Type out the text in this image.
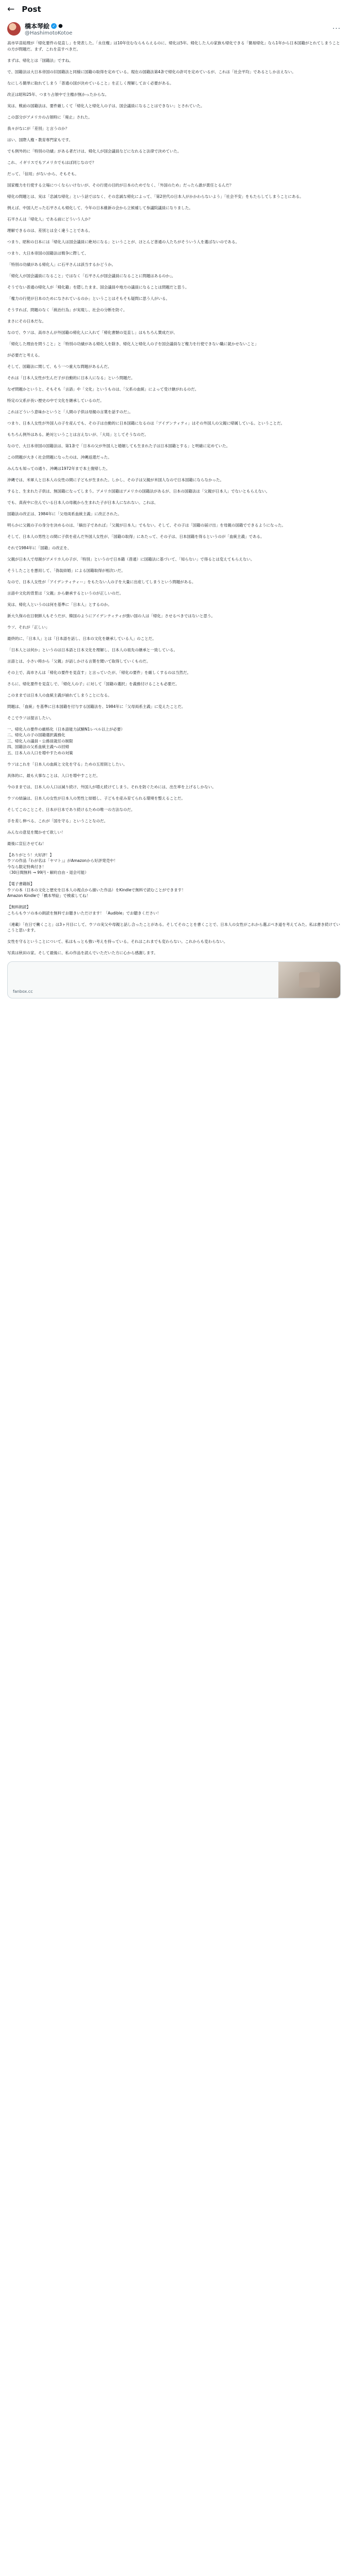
← Post
橋本琴絵 ✓ ●
@HashimotoKotoe
···

高市早苗総理が「帰化要件の見直し」を発表した。「永住権」は10年住むならもらえるのに、帰化は5年。帰化した人の家族も帰化できる「簡易帰化」なら1年から日本国籍がとれてしまうことの方が問題だ。まず、これを直すべきだ。

まずは、帰化とは「国籍法」ですね。

で、国籍法は大日本帝国の旧国籍法と同様に国籍の取得を定めている。現在の国籍法第4条で帰化の許可を定めているが、これは「社会平均」であるとしか言えない。

なにしろ簡単に取れてしまう「普通の国が決めていること」を正しく理解しておく必要がある。

改正は昭和25年、つまり占領中で主権が無かったからな。

実は、戦前の国籍法は、要件厳しくて「帰化人と帰化人の子は、国会議員になることはできない」とされていた。

この部分がアメリカの占領時に「廃止」された。

我々がなにが「差別」と言うのか？

はい、国際人権・教育専門家もです。

でも例外的に「特別の功績」がある者だけは、帰化人が国会議員などになれると法律で決めていた。

これ、イギリスでもアメリカでもはぼ同じなので？

だって、「信用」がないから、そもそも。

国家権力を行使する立場につくならいけないが、その行使の目的が日本のためでなく、「外国のため」だったら誰が責任とるんだ？

帰化の問題とは、実は「忠誠な帰化」という話ではなく、その忠誠な帰化によって、「第2世代の日本人がかかわらないよう」「社会不安」をもたらしてしまうことにある。

例えば、中国人だった石平さんも帰化して、今年の日本維新の会から立候補して参議院議員になりました。

石平さんは「帰化人」である前にどういう人か？

理解できるのは、差別とは全く違うことである。

つまり、昭和の日本には「帰化人は国会議員に絶対になる」ということが、ほとんど普通の人たちがそういう人を選ばないのである。

つまり、大日本帝国の国籍法は戦争に際して、

「特別の功績がある帰化人」に石平さんは該当するかどうか。

「帰化人が国会議員になること」ではなく「石平さんが国会議員になることに問題はあるのか」。

そうでない普通の帰化人が「帰化籍」を隠したまま、国会議員や地方の議員になることは問題だと思う。

「権力の行使が日本のためになされているのか」ということはそもそも疑問に思う人がいる。

そうすれば、問題のなく「統治行為」が実現し、社会の分断を防ぐ。

まさにその日本だな。

なので、ウソは、高市さんが外国籍の帰化人に入れて「帰化書類の見直し」はもちろん賛成だが、

「帰化した理由を問うこと」と「特別の功績がある帰化人を除き、帰化人と帰化人の子を国会議員など権力を行使できない職に就かせないこと」

が必要だと考える。

そして、国籍法に関して、もう一つ重大な問題があるんだ。

それは「日本人女性が生んだ子が自動的に日本人になる」という問題だ。

なぜ問題かというと、そもそも「言語」や「文化」というものは、「父系の血統」によって受け継がれるのだ。

特定の父系が長い歴史の中で文化を継承しているのだ。

これはどういう意味かというと「人間の子供は母親の言葉を話すのだ」。

つまり、日本人女性が外国人の子を産んでも、その子は自動的に日本国籍になるのは「アイデンティティ」はその外国人の父親に帰属している。ということだ。

もちろん例外はある。絶対ということは言えないが、「大局」としてそうなのだ。

なので、大日本帝国の国籍法は、第1条で「日本の父が外国人と婚姻しても生まれた子は日本国籍とする」と明確に定めていた。

この問題が大きく社会問題になったのは、沖縄返還だった。

みんなも知っての通り、沖縄は1972年まで本土復帰した。

沖縄では、米軍人と日本人の女性の間に子どもが生まれた。しかし、その子は父親が米国人なので日本国籍にならなかった。

すると、生まれた子供は、無国籍になってしまう。アメリカ国籍はアメリカの国籍法があるが、日本の国籍法は「父親が日本人」でないともらえない。

でも、真夜中に住んでいる日本人の母親から生まれた子が日本人になれない。これは、

国籍法の改正は、1984年に「父母両系血統主義」に改正された。

明らかに父親の子の身分を決めるのは、「嫡出子であれば」「父親が日本人」でもない。そして、その子は「国籍の届け出」を母親の国籍でできるようになった。

そして、日本人の男性との間に子供を産んだ外国人女性が、「国籍の取得」にあたって、その子は、日本国籍を得るというのが「血統主義」である。

それで1984年に「国籍」の改正を、

父親が日本人で母親がアメリカ人の子が、「特別」というので日本籍（普通）に国籍法に基づいて、「知らない」で得るとは変えてもらえない。

そうしたことを悪用して、「偽装結婚」による国籍取得が相次いだ。

なので、日本人女性が「アイデンティティー」をもたない人の子を大量に出産してしまうという問題がある。

言語や文化的背景は「父親」から継承するというのが正しいのだ。

実は、帰化人というのは何を基準に「日本人」とするのか。

新大久保の在日朝鮮人もそうだが、韓国のようにアイデンティティが強い国の人は「帰化」させるべきではないと思う。

ウソ、それが「正しい」

最終的に、「日本人」とは「日本語を話し、日本の文化を継承している人」のことだ。

「日本人とは何か」というのは日本語と日本文化を理解し、日本人の祖先の継承と一致している。

言語とは、小さい時から「父親」が話しかける言葉を聞いて取得していくものだ。

その上で、高市さんは「帰化の要件を見直す」と言っていたが、「帰化の要件」を厳しくするのは当然だ。

さらに、帰化要件を見直しで、「帰化人の子」に対して「国籍の選択」を義務付けることも必要だ。

このままでは日本人の血統主義が崩れてしまうことになる。

問題は、「血統」を基準に日本国籍を付与する国籍法を、1984年に「父母両系主義」に変えたことだ。

そこでウソは提言したい。

一、帰化人の要件の厳格化（日本語能力試験N1レベル以上が必要）
二、帰化人の子の国籍選択義務化
三、帰化人の議員・公務員就任の制限
四、国籍法の父系血統主義への回帰
五、日本人の人口を増やすための対策

ウソはこれを「日本人の血統と文化を守る」ための五原則としたい。

具体的に、最も大事なことは、人口を増やすことだ。

今のままでは、日本人の人口は減り続け、外国人が増え続けてしまう。それを防ぐためには、出生率を上げるしかない。

ウソの結論は、日本人の女性が日本人の男性と結婚し、子どもを産み育てられる環境を整えることだ。

そしてこのことこそ、日本が日本であり続けるための唯一の方法なのだ。

手を差し伸べる、これが「国を守る」ということなのだ。

みんなの意見を聞かせて欲しい！

最後に宣伝させてね！

【ありがとう！大好評！】
ウソの作品『わが名は「ヤマト」』がAmazonから好評発売中！
今なら限定特典付き！
（30日間無料 → 99円・解約自由・退会可能）

【電子書籍版】
ウソの本（日本の文化と歴史を日本人の視点から描いた作品）をKindleで無料で読むことができます！
Amazon Kindleで「橋本琴絵」で検索してね！

【無料朗読】
こちらもウソの本の朗読を無料でお聴きいただけます！「Audible」でお聴きください！

（連載）「在日で働くこと」は3ヶ月目にして、ウソの実父や母親と話し合ったことがある。そしてそのことを書くことで、日本人の女性がこれから選ぶべき道を考えてみた。私は書き続けていこうと思います。

女性を守るということについて、私はもっとも強い考えを持っている。それはこれまでも変わらない。これからも変わらない。

写真は秋田の家。そして最後に、私の作品を読んでいただいた方に心から感謝します。

fanbox.cc
